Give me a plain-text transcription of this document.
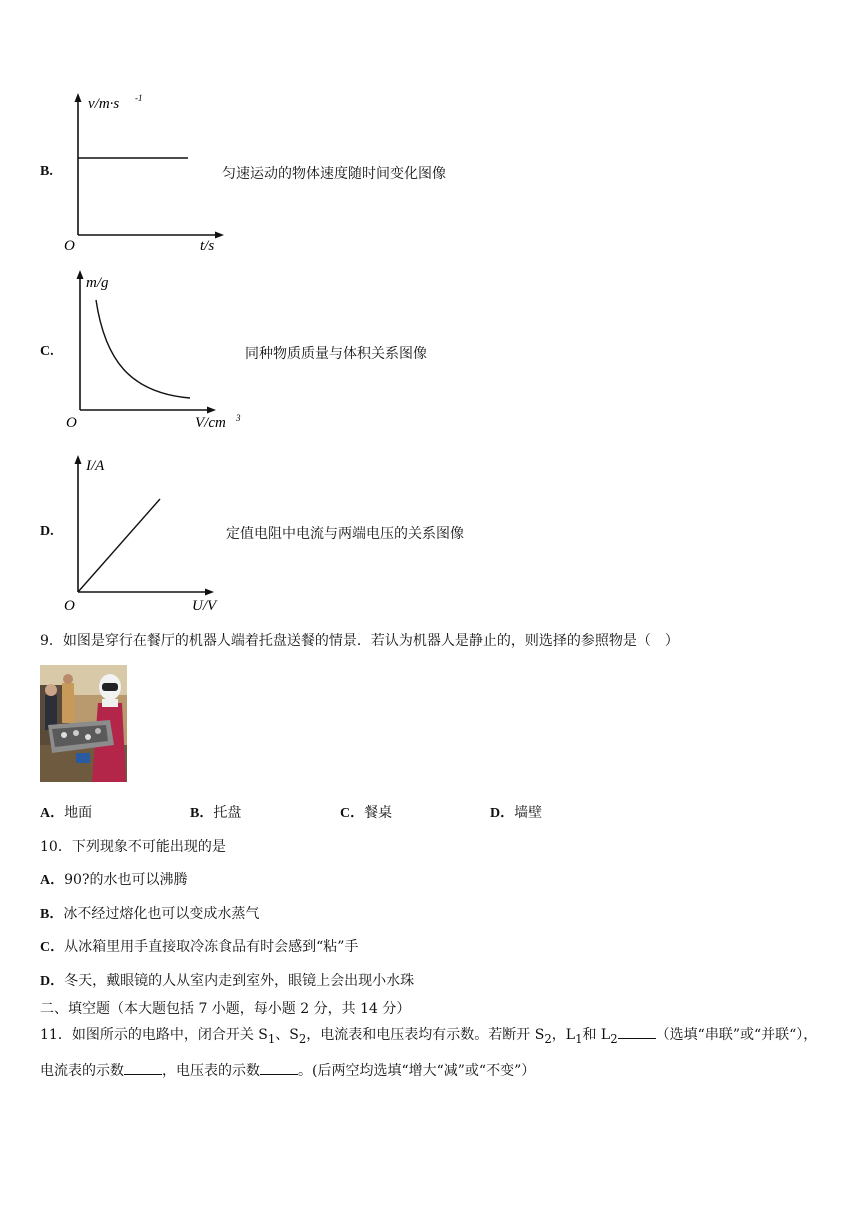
B.
v/m·s -1
t/s
O
匀速运动的物体速度随时间变化图像
C.
m/g
V/cm 3
O
同种物质质量与体积关系图像
D.
I/A
U/V
O
定值电阻中电流与两端电压的关系图像
9．如图是穿行在餐厅的机器人端着托盘送餐的情景．若认为机器人是静止的，则选择的参照物是（　）
A．地面	B．托盘	C．餐桌	D．墙壁
10．下列现象不可能出现的是
A．90?的水也可以沸腾
B．冰不经过熔化也可以变成水蒸气
C．从冰箱里用手直接取冷冻食品有时会感到“粘”手
D．冬天，戴眼镜的人从室内走到室外，眼镜上会出现小水珠
二、填空题（本大题包括 7 小题，每小题 2 分，共 14 分）
11．如图所示的电路中，闭合开关 $S_1$、$S_2$，电流表和电压表均有示数。若断开 $S_2$，$L_1$和 $L_2$	（选填“串联”或“并联“），电流表的示数	，电压表的示数	。(后两空均选填“增大“减”或“不变”）
